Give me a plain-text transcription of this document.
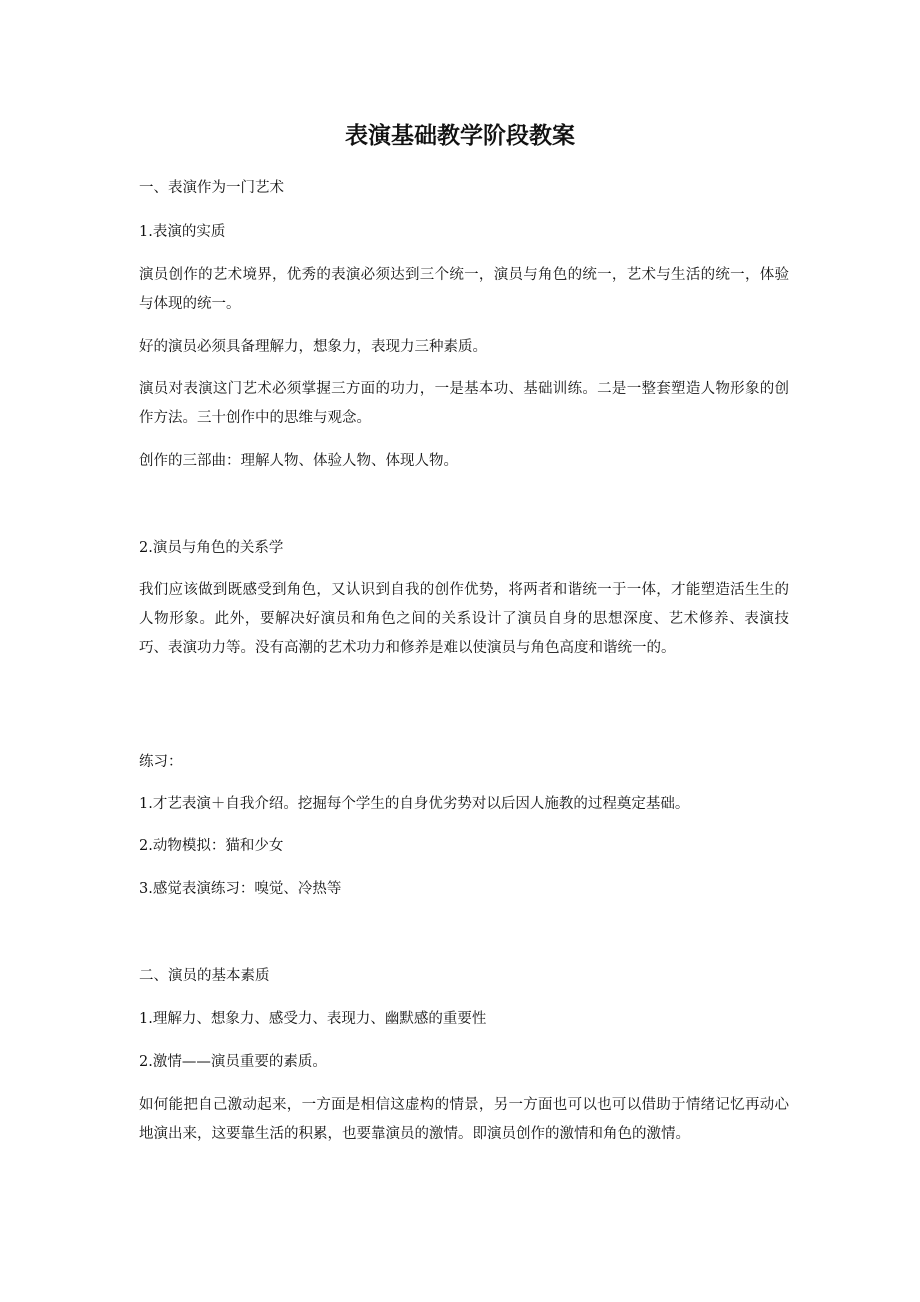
表演基础教学阶段教案

一、表演作为一门艺术

1.表演的实质

演员创作的艺术境界，优秀的表演必须达到三个统一，演员与角色的统一，艺术与生活的统一，体验与体现的统一。

好的演员必须具备理解力，想象力，表现力三种素质。

演员对表演这门艺术必须掌握三方面的功力，一是基本功、基础训练。二是一整套塑造人物形象的创作方法。三十创作中的思维与观念。

创作的三部曲：理解人物、体验人物、体现人物。

2.演员与角色的关系学

我们应该做到既感受到角色，又认识到自我的创作优势，将两者和谐统一于一体，才能塑造活生生的人物形象。此外，要解决好演员和角色之间的关系设计了演员自身的思想深度、艺术修养、表演技巧、表演功力等。没有高潮的艺术功力和修养是难以使演员与角色高度和谐统一的。

练习：

1.才艺表演＋自我介绍。挖掘每个学生的自身优劣势对以后因人施教的过程奠定基础。

2.动物模拟：猫和少女

3.感觉表演练习：嗅觉、冷热等

二、演员的基本素质

1.理解力、想象力、感受力、表现力、幽默感的重要性

2.激情——演员重要的素质。

如何能把自己激动起来，一方面是相信这虚构的情景，另一方面也可以也可以借助于情绪记忆再动心地演出来，这要靠生活的积累，也要靠演员的激情。即演员创作的激情和角色的激情。
